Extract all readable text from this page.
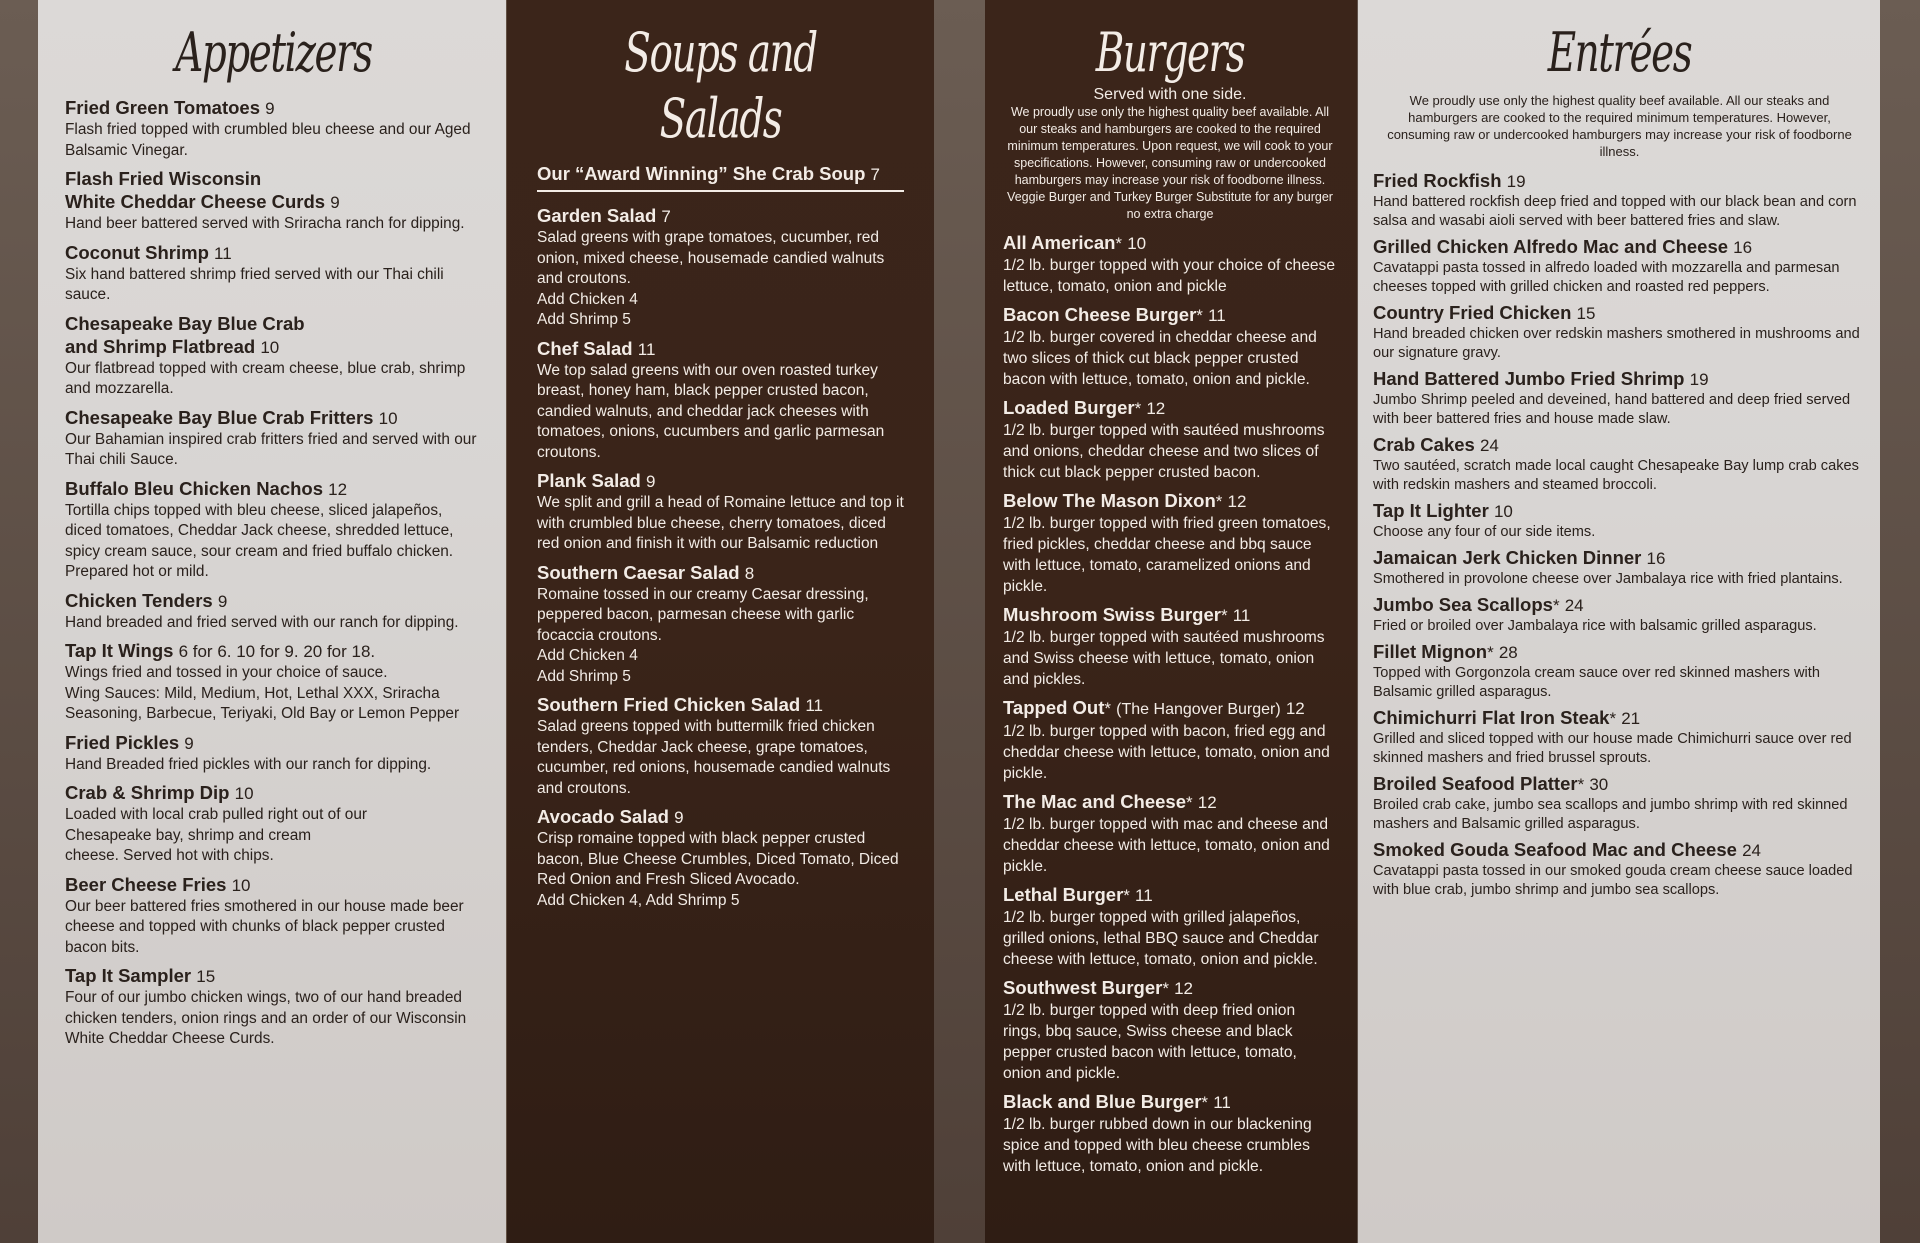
Appetizers
Fried Green Tomatoes 9
Flash fried topped with crumbled bleu cheese and our Aged Balsamic Vinegar.
Flash Fried Wisconsin
White Cheddar Cheese Curds 9
Hand beer battered served with Sriracha ranch for dipping.
Coconut Shrimp 11
Six hand battered shrimp fried served with our Thai chili sauce.
Chesapeake Bay Blue Crab
and Shrimp Flatbread 10
Our flatbread topped with cream cheese, blue crab, shrimp and mozzarella.
Chesapeake Bay Blue Crab Fritters 10
Our Bahamian inspired crab fritters fried and served with our Thai chili Sauce.
Buffalo Bleu Chicken Nachos 12
Tortilla chips topped with bleu cheese, sliced jalapeños, diced tomatoes, Cheddar Jack cheese, shredded lettuce, spicy cream sauce, sour cream and fried buffalo chicken. Prepared hot or mild.
Chicken Tenders 9
Hand breaded and fried served with our ranch for dipping.
Tap It Wings 6 for 6. 10 for 9. 20 for 18.
Wings fried and tossed in your choice of sauce.
Wing Sauces: Mild, Medium, Hot, Lethal XXX, Sriracha Seasoning, Barbecue, Teriyaki, Old Bay or Lemon Pepper
Fried Pickles 9
Hand Breaded fried pickles with our ranch for dipping.
Crab & Shrimp Dip 10
Loaded with local crab pulled right out of our
Chesapeake bay, shrimp and cream
cheese. Served hot with chips.
Beer Cheese Fries 10
Our beer battered fries smothered in our house made beer cheese and topped with chunks of black pepper crusted bacon bits.
Tap It Sampler 15
Four of our jumbo chicken wings, two of our hand breaded chicken tenders, onion rings and an order of our Wisconsin White Cheddar Cheese Curds.
Soups and Salads
Our “Award Winning” She Crab Soup 7
Garden Salad 7
Salad greens with grape tomatoes, cucumber, red onion, mixed cheese, housemade candied walnuts and croutons.
Add Chicken 4
Add Shrimp 5
Chef Salad 11
We top salad greens with our oven roasted turkey breast, honey ham, black pepper crusted bacon, candied walnuts, and cheddar jack cheeses with tomatoes, onions, cucumbers and garlic parmesan croutons.
Plank Salad 9
We split and grill a head of Romaine lettuce and top it with crumbled blue cheese, cherry tomatoes, diced red onion and finish it with our Balsamic reduction
Southern Caesar Salad 8
Romaine tossed in our creamy Caesar dressing, peppered bacon, parmesan cheese with garlic focaccia croutons.
Add Chicken 4
Add Shrimp 5
Southern Fried Chicken Salad 11
Salad greens topped with buttermilk fried chicken tenders, Cheddar Jack cheese, grape tomatoes, cucumber, red onions, housemade candied walnuts and croutons.
Avocado Salad 9
Crisp romaine topped with black pepper crusted bacon, Blue Cheese Crumbles, Diced Tomato, Diced Red Onion and Fresh Sliced Avocado.
Add Chicken 4, Add Shrimp 5
Burgers
Served with one side.
We proudly use only the highest quality beef available. All our steaks and hamburgers are cooked to the required minimum temperatures. Upon request, we will cook to your specifications. However, consuming raw or undercooked hamburgers may increase your risk of foodborne illness. Veggie Burger and Turkey Burger Substitute for any burger no extra charge
All American* 10
1/2 lb. burger topped with your choice of cheese lettuce, tomato, onion and pickle
Bacon Cheese Burger* 11
1/2 lb. burger covered in cheddar cheese and two slices of thick cut black pepper crusted bacon with lettuce, tomato, onion and pickle.
Loaded Burger* 12
1/2 lb. burger topped with sautéed mushrooms and onions, cheddar cheese and two slices of thick cut black pepper crusted bacon.
Below The Mason Dixon* 12
1/2 lb. burger topped with fried green tomatoes, fried pickles, cheddar cheese and bbq sauce with lettuce, tomato, caramelized onions and pickle.
Mushroom Swiss Burger* 11
1/2 lb. burger topped with sautéed mushrooms and Swiss cheese with lettuce, tomato, onion and pickles.
Tapped Out* (The Hangover Burger) 12
1/2 lb. burger topped with bacon, fried egg and cheddar cheese with lettuce, tomato, onion and pickle.
The Mac and Cheese* 12
1/2 lb. burger topped with mac and cheese and cheddar cheese with lettuce, tomato, onion and pickle.
Lethal Burger* 11
1/2 lb. burger topped with grilled jalapeños, grilled onions, lethal BBQ sauce and Cheddar cheese with lettuce, tomato, onion and pickle.
Southwest Burger* 12
1/2 lb. burger topped with deep fried onion rings, bbq sauce, Swiss cheese and black pepper crusted bacon with lettuce, tomato, onion and pickle.
Black and Blue Burger* 11
1/2 lb. burger rubbed down in our blackening spice and topped with bleu cheese crumbles with lettuce, tomato, onion and pickle.
Entrées
We proudly use only the highest quality beef available. All our steaks and hamburgers are cooked to the required minimum temperatures. However, consuming raw or undercooked hamburgers may increase your risk of foodborne illness.
Fried Rockfish 19
Hand battered rockfish deep fried and topped with our black bean and corn salsa and wasabi aioli served with beer battered fries and slaw.
Grilled Chicken Alfredo Mac and Cheese 16
Cavatappi pasta tossed in alfredo loaded with mozzarella and parmesan cheeses topped with grilled chicken and roasted red peppers.
Country Fried Chicken 15
Hand breaded chicken over redskin mashers smothered in mushrooms and our signature gravy.
Hand Battered Jumbo Fried Shrimp 19
Jumbo Shrimp peeled and deveined, hand battered and deep fried served with beer battered fries and house made slaw.
Crab Cakes 24
Two sautéed, scratch made local caught Chesapeake Bay lump crab cakes with redskin mashers and steamed broccoli.
Tap It Lighter 10
Choose any four of our side items.
Jamaican Jerk Chicken Dinner 16
Smothered in provolone cheese over Jambalaya rice with fried plantains.
Jumbo Sea Scallops* 24
Fried or broiled over Jambalaya rice with balsamic grilled asparagus.
Fillet Mignon* 28
Topped with Gorgonzola cream sauce over red skinned mashers with Balsamic grilled asparagus.
Chimichurri Flat Iron Steak* 21
Grilled and sliced topped with our house made Chimichurri sauce over red skinned mashers and fried brussel sprouts.
Broiled Seafood Platter* 30
Broiled crab cake, jumbo sea scallops and jumbo shrimp with red skinned mashers and Balsamic grilled asparagus.
Smoked Gouda Seafood Mac and Cheese 24
Cavatappi pasta tossed in our smoked gouda cream cheese sauce loaded with blue crab, jumbo shrimp and jumbo sea scallops.
